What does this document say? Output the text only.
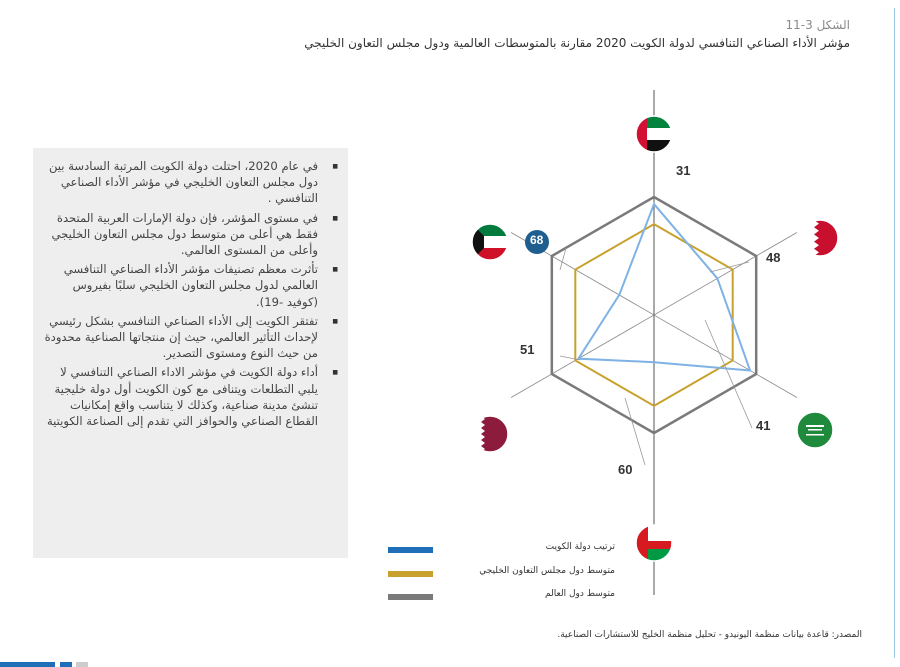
الشكل 3-11
مؤشر الأداء الصناعي التنافسي لدولة الكويت 2020 مقارنة بالمتوسطات العالمية ودول مجلس التعاون الخليجي
■ في عام 2020، احتلت دولة الكويت المرتبة السادسة بين دول مجلس التعاون الخليجي في مؤشر الأداء الصناعي التنافسي .
■ في مستوى المؤشر، فإن دولة الإمارات العربية المتحدة فقط هي أعلى من متوسط دول مجلس التعاون الخليجي وأعلى من المستوى العالمي.
■ تأثرت معظم تصنيفات مؤشر الأداء الصناعي التنافسي العالمي لدول مجلس التعاون الخليجي سلبًا بفيروس (كوفيد -19).
■ تفتقر الكويت إلى الأداء الصناعي التنافسي بشكل رئيسي لإحداث التأثير العالمي، حيث إن منتجاتها الصناعية محدودة من حيث النوع ومستوى التصدير.
■ أداء دولة الكويت في مؤشر الاداء الصناعي التنافسي لا يلبي التطلعات ويتنافى مع كون الكويت أول دولة خليجية تنشئ مدينة صناعية، وكذلك لا يتناسب واقع إمكانيات القطاع الصناعي والحوافز التي تقدم إلى الصناعة الكويتية
31
48
41
60
51
68
ترتيب دولة الكويت
متوسط دول مجلس التعاون الخليجي
متوسط دول العالم
المصدر: قاعدة بيانات منظمة اليونيدو - تحليل منظمة الخليج للاستشارات الصناعية.
